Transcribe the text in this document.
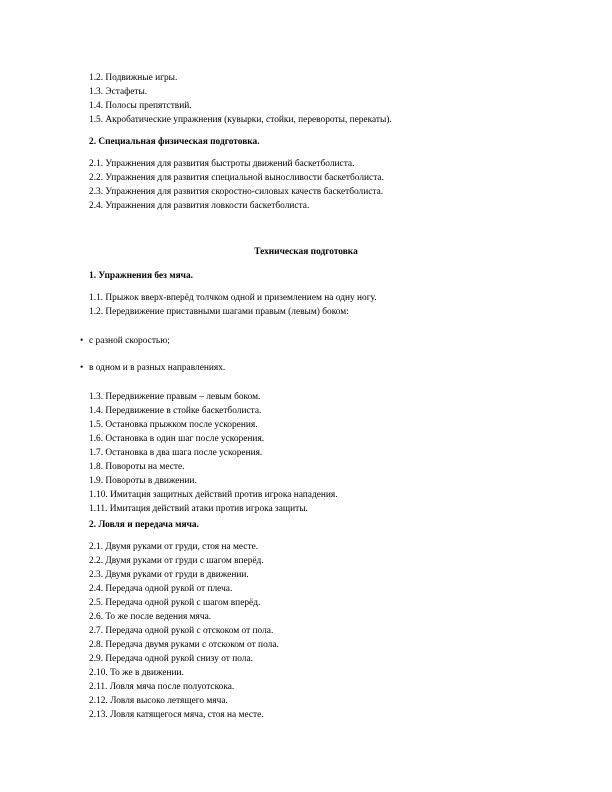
1.2. Подвижные игры.
1.3. Эстафеты.
1.4. Полосы препятствий.
1.5. Акробатические упражнения (кувырки, стойки, перевороты, перекаты).
2. Специальная физическая подготовка.
2.1. Упражнения для развития быстроты движений баскетболиста.
2.2. Упражнения для развития специальной выносливости баскетболиста.
2.3. Упражнения для развития скоростно-силовых качеств баскетболиста.
2.4. Упражнения для развития ловкости баскетболиста.
Техническая подготовка
1. Упражнения без мяча.
1.1. Прыжок вверх-вперёд толчком одной и приземлением на одну ногу.
1.2. Передвижение приставными шагами правым (левым) боком:
• с разной скоростью;
• в одном и в разных направлениях.
1.3. Передвижение правым – левым боком.
1.4. Передвижение в стойке баскетболиста.
1.5. Остановка прыжком после ускорения.
1.6. Остановка в один шаг после ускорения.
1.7. Остановка в два шага после ускорения.
1.8. Повороты на месте.
1.9. Повороты в движении.
1.10. Имитация защитных действий против игрока нападения.
1.11. Имитация действий атаки против игрока защиты.
2. Ловля и передача мяча.
2.1. Двумя руками от груди, стоя на месте.
2.2. Двумя руками от груди с шагом вперёд.
2.3. Двумя руками от груди в движении.
2.4. Передача одной рукой от плеча.
2.5. Передача одной рукой с шагом вперёд.
2.6. То же после ведения мяча.
2.7. Передача одной рукой с отскоком от пола.
2.8. Передача двумя руками с отскоком от пола.
2.9. Передача одной рукой снизу от пола.
2.10. То же в движении.
2.11. Ловля мяча после полуотскока.
2.12. Ловля высоко летящего мяча.
2.13. Ловля катящегося мяча, стоя на месте.
